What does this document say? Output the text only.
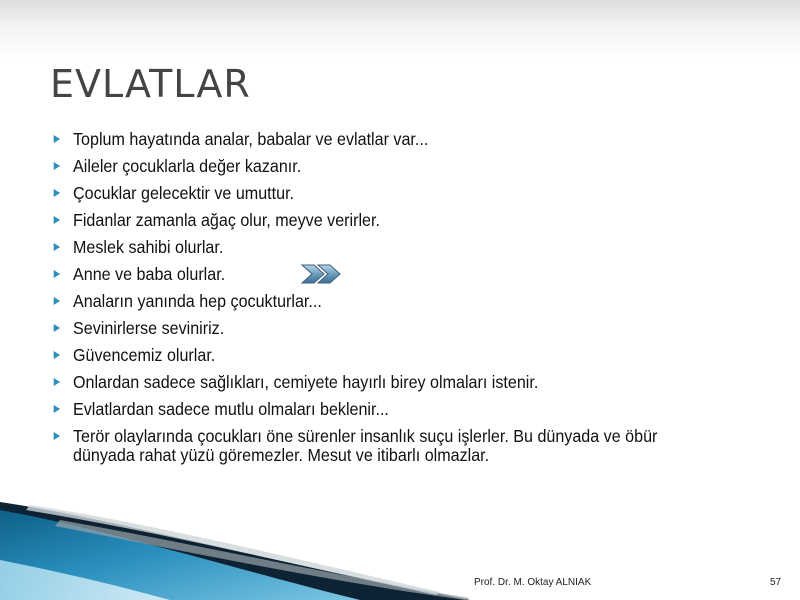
EVLATLAR
Toplum hayatında analar, babalar ve evlatlar var...
Aileler çocuklarla değer kazanır.
Çocuklar gelecektir ve umuttur.
Fidanlar zamanla ağaç olur, meyve verirler.
Meslek sahibi olurlar.
Anne ve baba olurlar.
Anaların yanında hep çocukturlar...
Sevinirlerse seviniriz.
Güvencemiz olurlar.
Onlardan sadece sağlıkları, cemiyete hayırlı birey olmaları istenir.
Evlatlardan sadece mutlu olmaları beklenir...
Terör olaylarında çocukları öne sürenler insanlık suçu işlerler. Bu dünyada ve öbür dünyada rahat yüzü göremezler. Mesut ve itibarlı olmazlar.
Prof. Dr. M. Oktay ALNIAK	57
